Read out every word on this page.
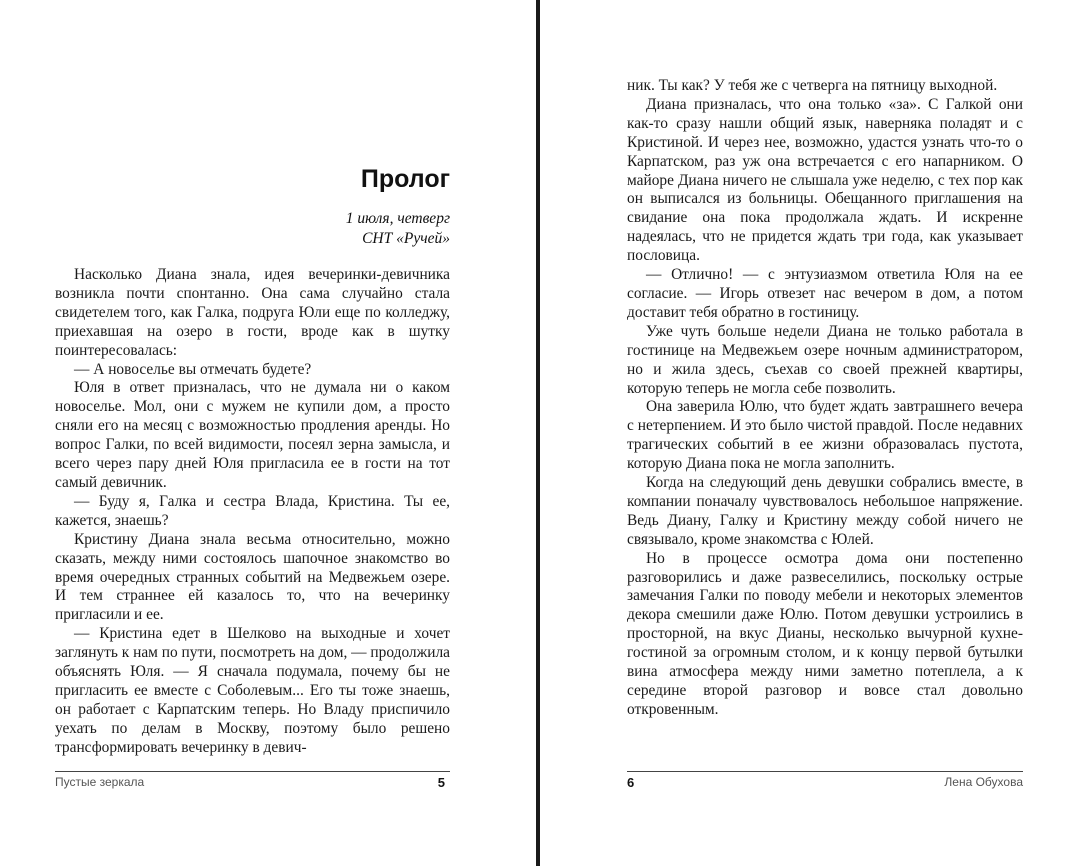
Пролог
1 июля, четверг
СНТ «Ручей»

Насколько Диана знала, идея вечеринки-девичника возникла почти спонтанно. Она сама случайно стала свидетелем того, как Галка, подруга Юли еще по колледжу, приехавшая на озеро в гости, вроде как в шутку поинтересовалась:

— А новоселье вы отмечать будете?

Юля в ответ призналась, что не думала ни о каком новоселье. Мол, они с мужем не купили дом, а просто сняли его на месяц с возможностью продления аренды. Но вопрос Галки, по всей видимости, посеял зерна замысла, и всего через пару дней Юля пригласила ее в гости на тот самый девичник.

— Буду я, Галка и сестра Влада, Кристина. Ты ее, кажется, знаешь?

Кристину Диана знала весьма относительно, можно сказать, между ними состоялось шапочное знакомство во время очередных странных событий на Медвежьем озере. И тем страннее ей казалось то, что на вечеринку пригласили и ее.

— Кристина едет в Шелково на выходные и хочет заглянуть к нам по пути, посмотреть на дом, — продолжила объяснять Юля. — Я сначала подумала, почему бы не пригласить ее вместе с Соболевым... Его ты тоже знаешь, он работает с Карпатским теперь. Но Владу приспичило уехать по делам в Москву, поэтому было решено трансформировать вечеринку в девич-

Пустые зеркала	5

ник. Ты как? У тебя же с четверга на пятницу выходной.

Диана призналась, что она только «за». С Галкой они как-то сразу нашли общий язык, наверняка поладят и с Кристиной. И через нее, возможно, удастся узнать что-то о Карпатском, раз уж она встречается с его напарником. О майоре Диана ничего не слышала уже неделю, с тех пор как он выписался из больницы. Обещанного приглашения на свидание она пока продолжала ждать. И искренне надеялась, что не придется ждать три года, как указывает пословица.

— Отлично! — с энтузиазмом ответила Юля на ее согласие. — Игорь отвезет нас вечером в дом, а потом доставит тебя обратно в гостиницу.

Уже чуть больше недели Диана не только работала в гостинице на Медвежьем озере ночным администратором, но и жила здесь, съехав со своей прежней квартиры, которую теперь не могла себе позволить.

Она заверила Юлю, что будет ждать завтрашнего вечера с нетерпением. И это было чистой правдой. После недавних трагических событий в ее жизни образовалась пустота, которую Диана пока не могла заполнить.

Когда на следующий день девушки собрались вместе, в компании поначалу чувствовалось небольшое напряжение. Ведь Диану, Галку и Кристину между собой ничего не связывало, кроме знакомства с Юлей.

Но в процессе осмотра дома они постепенно разговорились и даже развеселились, поскольку острые замечания Галки по поводу мебели и некоторых элементов декора смешили даже Юлю. Потом девушки устроились в просторной, на вкус Дианы, несколько вычурной кухне-гостиной за огромным столом, и к концу первой бутылки вина атмосфера между ними заметно потеплела, а к середине второй разговор и вовсе стал довольно откровенным.

6	Лена Обухова
